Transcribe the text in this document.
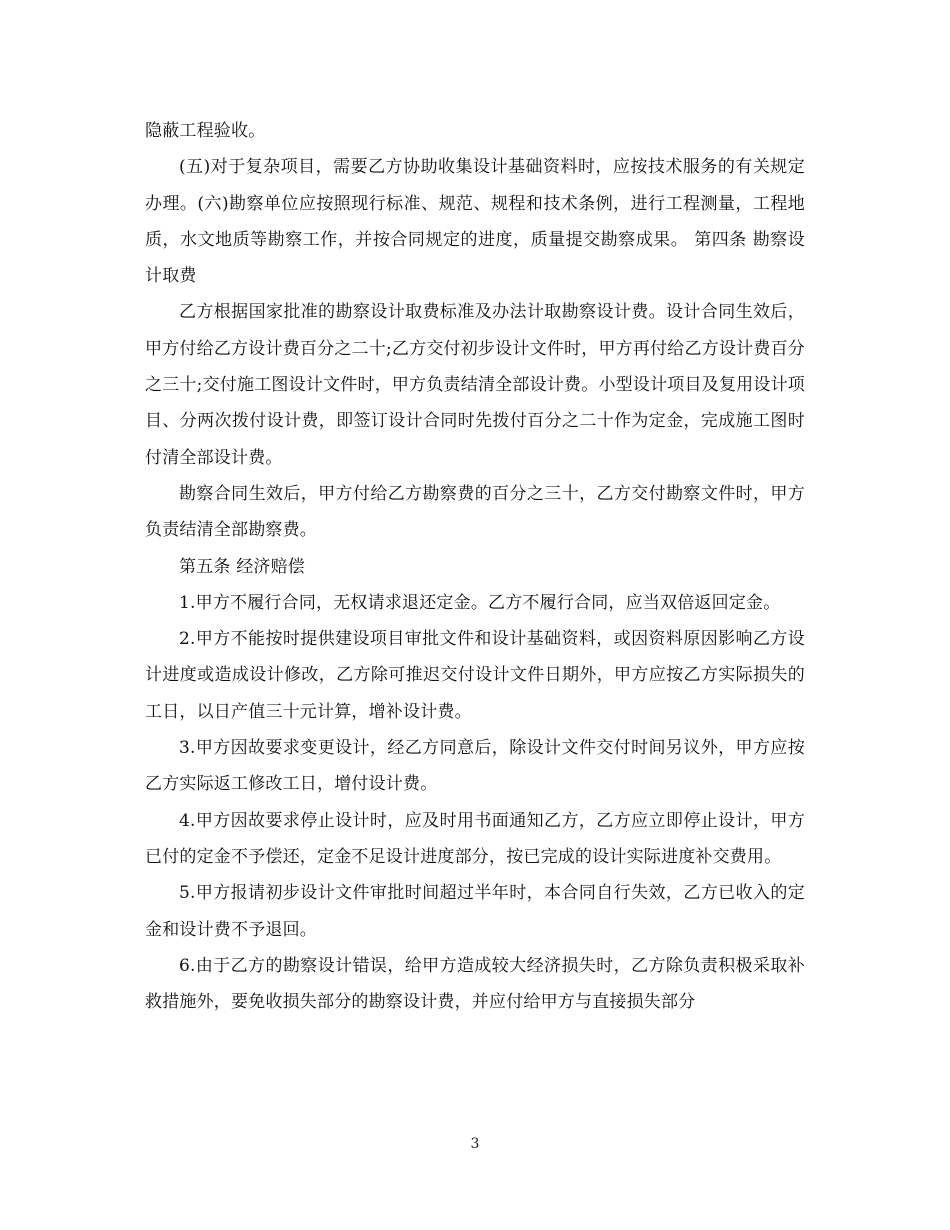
隐蔽工程验收。

(五)对于复杂项目，需要乙方协助收集设计基础资料时，应按技术服务的有关规定办理。(六)勘察单位应按照现行标准、规范、规程和技术条例，进行工程测量，工程地质，水文地质等勘察工作，并按合同规定的进度，质量提交勘察成果。 第四条 勘察设计取费

乙方根据国家批准的勘察设计取费标准及办法计取勘察设计费。设计合同生效后，甲方付给乙方设计费百分之二十;乙方交付初步设计文件时，甲方再付给乙方设计费百分之三十;交付施工图设计文件时，甲方负责结清全部设计费。小型设计项目及复用设计项目、分两次拨付设计费，即签订设计合同时先拨付百分之二十作为定金，完成施工图时付清全部设计费。

勘察合同生效后，甲方付给乙方勘察费的百分之三十，乙方交付勘察文件时，甲方负责结清全部勘察费。

第五条 经济赔偿

1.甲方不履行合同，无权请求退还定金。乙方不履行合同，应当双倍返回定金。

2.甲方不能按时提供建设项目审批文件和设计基础资料，或因资料原因影响乙方设计进度或造成设计修改，乙方除可推迟交付设计文件日期外，甲方应按乙方实际损失的工日，以日产值三十元计算，增补设计费。

3.甲方因故要求变更设计，经乙方同意后，除设计文件交付时间另议外，甲方应按乙方实际返工修改工日，增付设计费。

4.甲方因故要求停止设计时，应及时用书面通知乙方，乙方应立即停止设计，甲方已付的定金不予偿还，定金不足设计进度部分，按已完成的设计实际进度补交费用。

5.甲方报请初步设计文件审批时间超过半年时，本合同自行失效，乙方已收入的定金和设计费不予退回。

6.由于乙方的勘察设计错误，给甲方造成较大经济损失时，乙方除负责积极采取补救措施外，要免收损失部分的勘察设计费，并应付给甲方与直接损失部分

3
